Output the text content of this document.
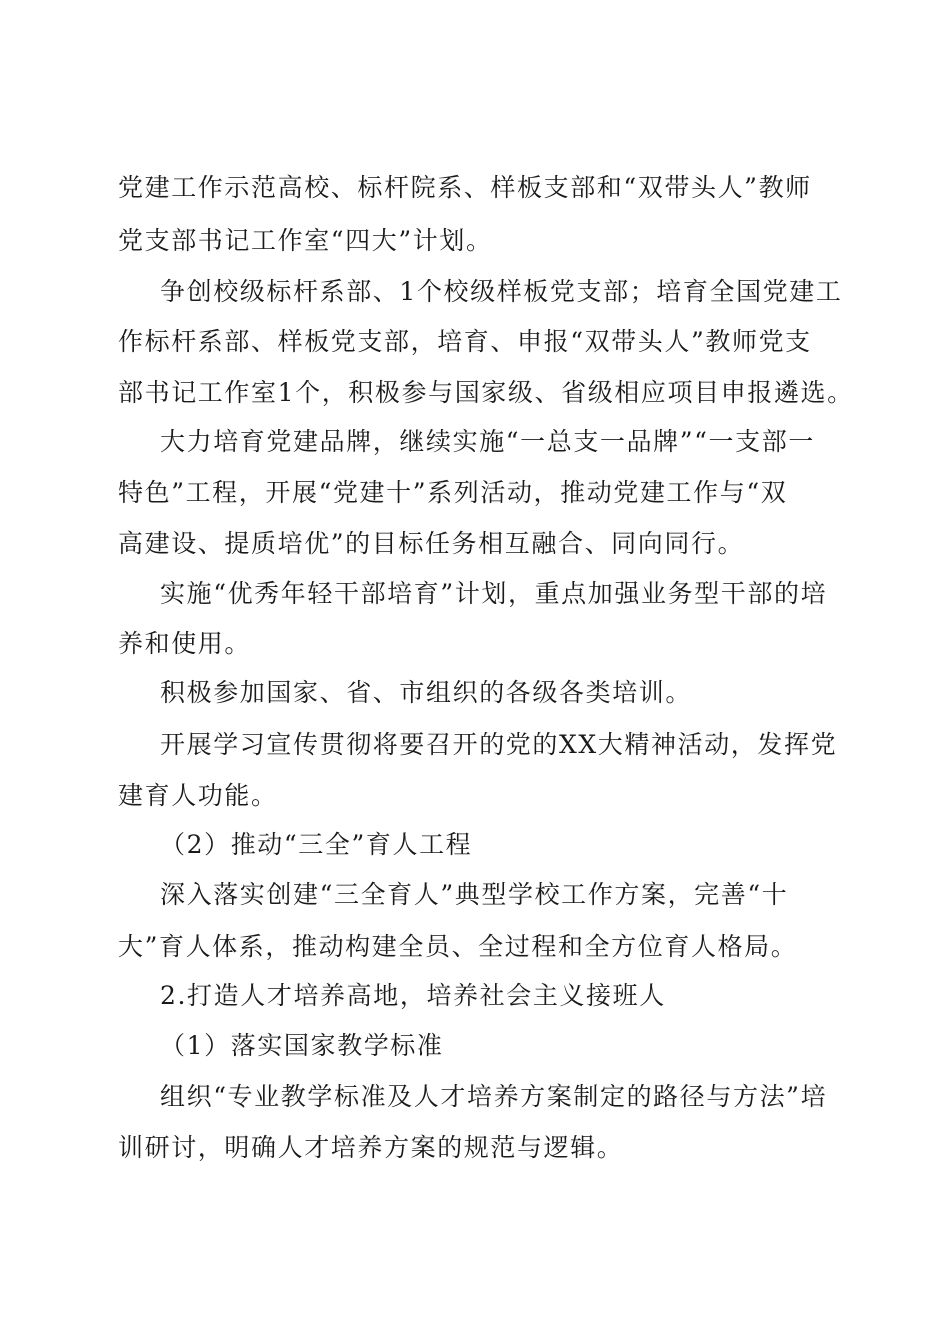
党建工作示范高校、标杆院系、样板支部和“双带头人”教师
党支部书记工作室“四大”计划。
争创校级标杆系部、1个校级样板党支部；培育全国党建工
作标杆系部、样板党支部，培育、申报“双带头人”教师党支
部书记工作室1个，积极参与国家级、省级相应项目申报遴选。
大力培育党建品牌，继续实施“一总支一品牌”“一支部一
特色”工程，开展“党建十”系列活动，推动党建工作与“双
高建设、提质培优”的目标任务相互融合、同向同行。
实施“优秀年轻干部培育”计划，重点加强业务型干部的培
养和使用。
积极参加国家、省、市组织的各级各类培训。
开展学习宣传贯彻将要召开的党的XX大精神活动，发挥党
建育人功能。
（2）推动“三全”育人工程
深入落实创建“三全育人”典型学校工作方案，完善“十
大”育人体系，推动构建全员、全过程和全方位育人格局。
2.打造人才培养高地，培养社会主义接班人
（1）落实国家教学标准
组织“专业教学标准及人才培养方案制定的路径与方法”培
训研讨，明确人才培养方案的规范与逻辑。
